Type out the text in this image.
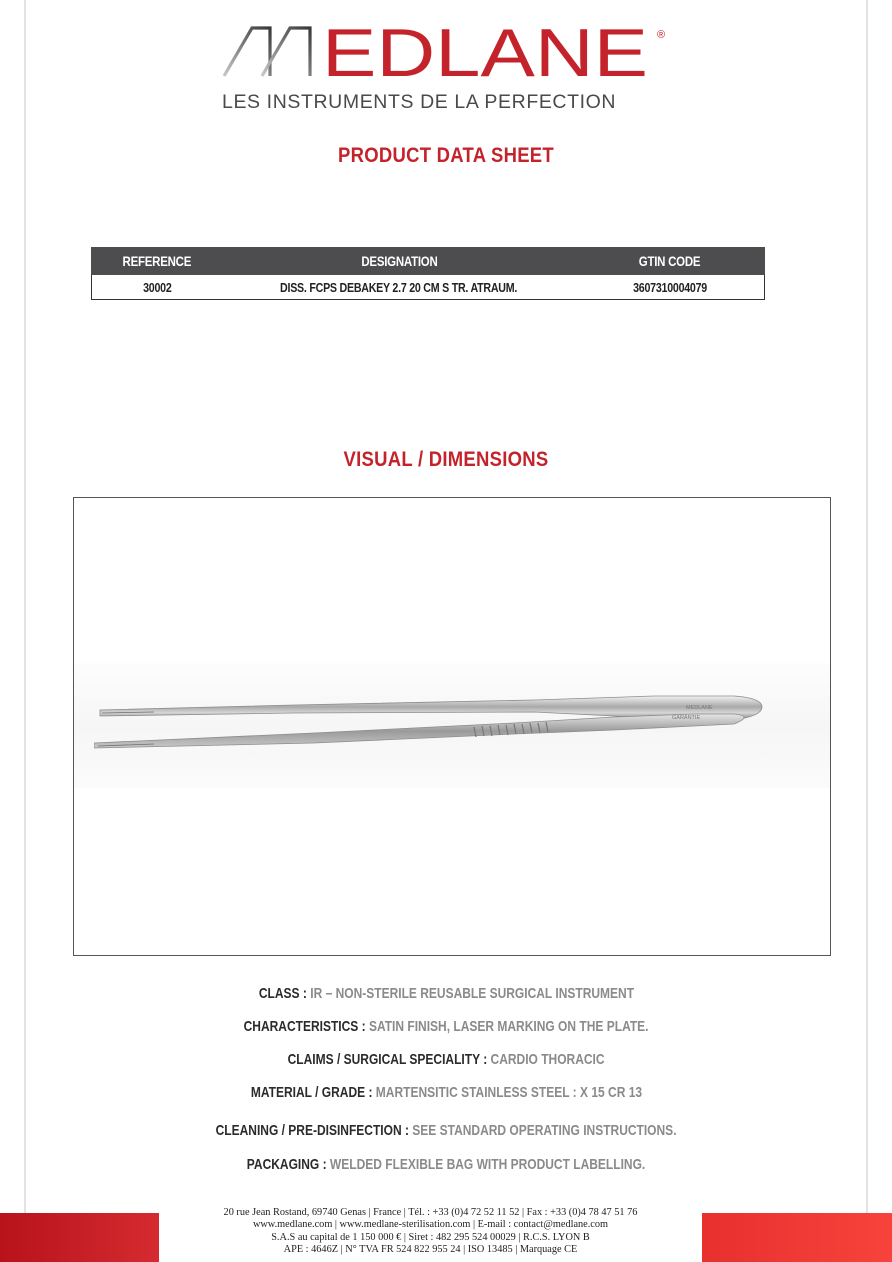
EDLANE ®
LES INSTRUMENTS DE LA PERFECTION
PRODUCT DATA SHEET
REFERENCE	DESIGNATION	GTIN CODE
30002	DISS. FCPS DEBAKEY 2.7 20 CM S TR. ATRAUM.	3607310004079
VISUAL / DIMENSIONS
MEDLANE
GARANTIE
CLASS : IR – NON-STERILE REUSABLE SURGICAL INSTRUMENT
CHARACTERISTICS : SATIN FINISH, LASER MARKING ON THE PLATE.
CLAIMS / SURGICAL SPECIALITY : CARDIO THORACIC
MATERIAL / GRADE : MARTENSITIC STAINLESS STEEL : X 15 CR 13
CLEANING / PRE-DISINFECTION : SEE STANDARD OPERATING INSTRUCTIONS.
PACKAGING : WELDED FLEXIBLE BAG WITH PRODUCT LABELLING.
20 rue Jean Rostand, 69740 Genas | France | Tél. : +33 (0)4 72 52 11 52 | Fax : +33 (0)4 78 47 51 76
www.medlane.com | www.medlane-sterilisation.com | E-mail : contact@medlane.com
S.A.S au capital de 1 150 000 € | Siret : 482 295 524 00029 | R.C.S. LYON B
APE : 4646Z | N° TVA FR 524 822 955 24 | ISO 13485 | Marquage CE
